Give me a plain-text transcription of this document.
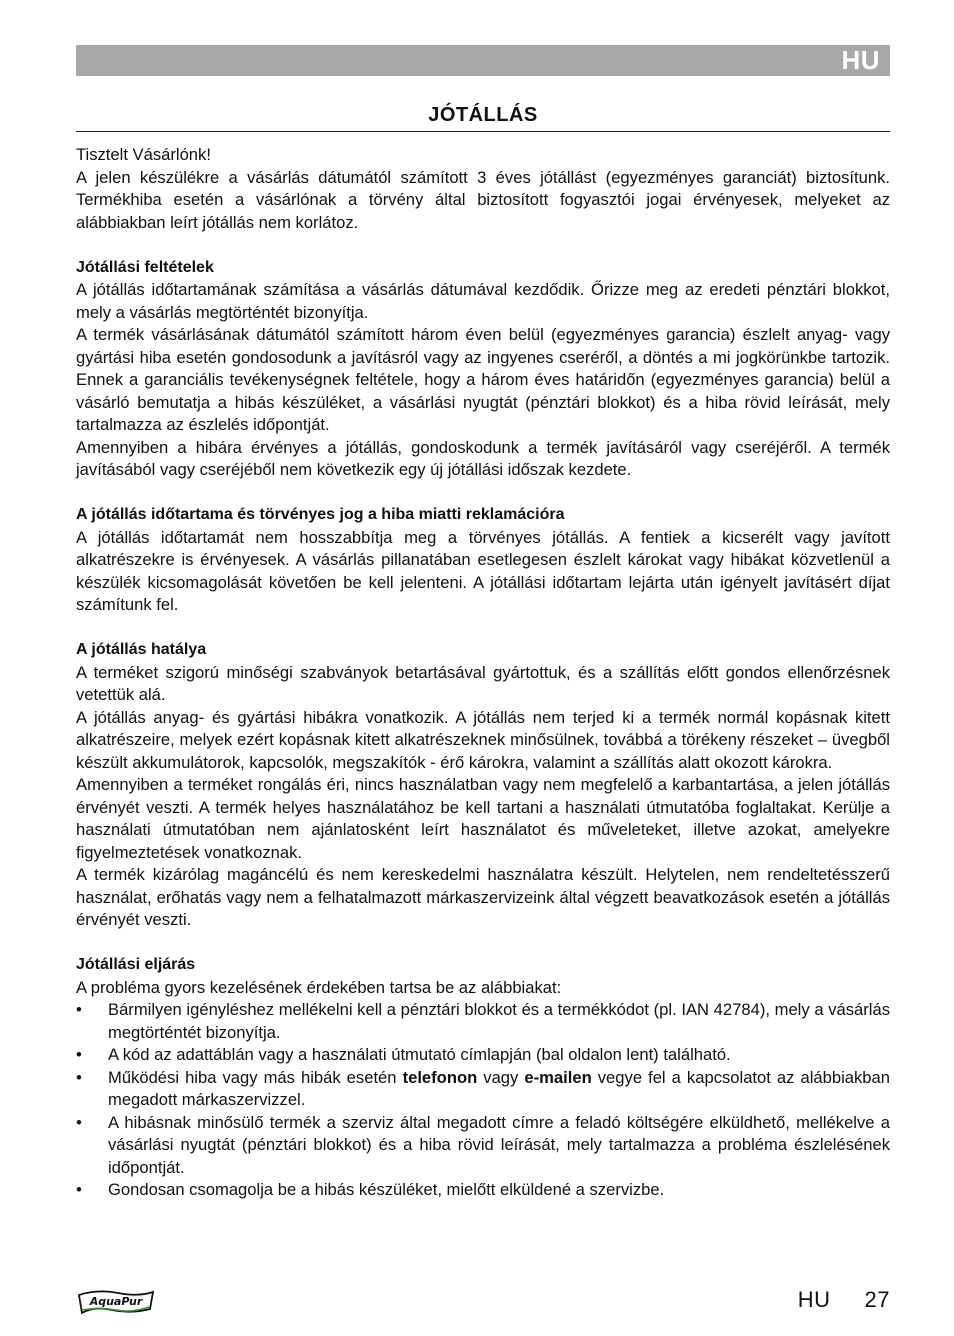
HU
JÓTÁLLÁS

Tisztelt Vásárlónk!

A jelen készülékre a vásárlás dátumától számított 3 éves jótállást (egyezményes garanciát) biztosítunk. Termékhiba esetén a vásárlónak a törvény által biztosított fogyasztói jogai érvényesek, melyeket az alábbiakban leírt jótállás nem korlátoz.

Jótállási feltételek

A jótállás időtartamának számítása a vásárlás dátumával kezdődik. Őrizze meg az eredeti pénztári blokkot, mely a vásárlás megtörténtét bizonyítja.

A termék vásárlásának dátumától számított három éven belül (egyezményes garancia) észlelt anyag- vagy gyártási hiba esetén gondosodunk a javításról vagy az ingyenes cseréről, a döntés a mi jogkörünkbe tartozik. Ennek a garanciális tevékenységnek feltétele, hogy a három éves határidőn (egyezményes garancia) belül a vásárló bemutatja a hibás készüléket, a vásárlási nyugtát (pénztári blokkot) és a hiba rövid leírását, mely tartalmazza az észlelés időpontját.

Amennyiben a hibára érvényes a jótállás, gondoskodunk a termék javításáról vagy cseréjéről. A termék javításából vagy cseréjéből nem következik egy új jótállási időszak kezdete.

A jótállás időtartama és törvényes jog a hiba miatti reklamációra

A jótállás időtartamát nem hosszabbítja meg a törvényes jótállás. A fentiek a kicserélt vagy javított alkatrészekre is érvényesek. A vásárlás pillanatában esetlegesen észlelt károkat vagy hibákat közvetlenül a készülék kicsomagolását követően be kell jelenteni. A jótállási időtartam lejárta után igényelt javításért díjat számítunk fel.

A jótállás hatálya

A terméket szigorú minőségi szabványok betartásával gyártottuk, és a szállítás előtt gondos ellenőrzésnek vetettük alá.

A jótállás anyag- és gyártási hibákra vonatkozik. A jótállás nem terjed ki a termék normál kopásnak kitett alkatrészeire, melyek ezért kopásnak kitett alkatrészeknek minősülnek, továbbá a törékeny részeket – üvegből készült akkumulátorok, kapcsolók, megszakítók - érő károkra, valamint a szállítás alatt okozott károkra.

Amennyiben a terméket rongálás éri, nincs használatban vagy nem megfelelő a karbantartása, a jelen jótállás érvényét veszti. A termék helyes használatához be kell tartani a használati útmutatóba foglaltakat. Kerülje a használati útmutatóban nem ajánlatosként leírt használatot és műveleteket, illetve azokat, amelyekre figyelmeztetések vonatkoznak.

A termék kizárólag magáncélú és nem kereskedelmi használatra készült. Helytelen, nem rendeltetésszerű használat, erőhatás vagy nem a felhatalmazott márkaszervizeink által végzett beavatkozások esetén a jótállás érvényét veszti.

Jótállási eljárás

A probléma gyors kezelésének érdekében tartsa be az alábbiakat:

• Bármilyen igényléshez mellékelni kell a pénztári blokkot és a termékkódot (pl. IAN 42784), mely a vásárlás megtörténtét bizonyítja.
• A kód az adattáblán vagy a használati útmutató címlapján (bal oldalon lent) található.
• Működési hiba vagy más hibák esetén telefonon vagy e-mailen vegye fel a kapcsolatot az alábbiakban megadott márkaszervizzel.
• A hibásnak minősülő termék a szerviz által megadott címre a feladó költségére elküldhető, mellékelve a vásárlási nyugtát (pénztári blokkot) és a hiba rövid leírását, mely tartalmazza a probléma észlelésének időpontját.
• Gondosan csomagolja be a hibás készüléket, mielőtt elküldené a szervizbe.
AquaPur	HU 27
